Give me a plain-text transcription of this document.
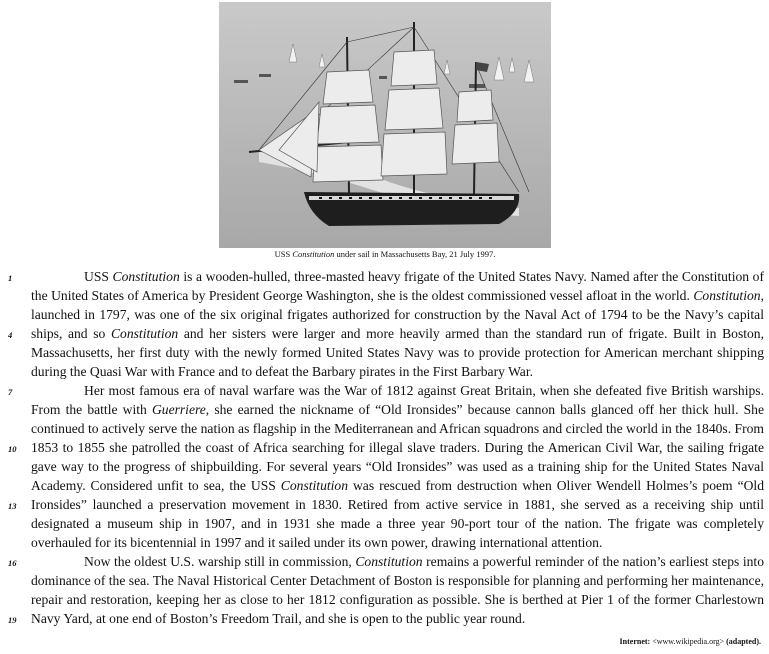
USS Constitution under sail in Massachusetts Bay, 21 July 1997.
1
4
7
10
13
16
19

USS Constitution is a wooden-hulled, three-masted heavy frigate of the United States Navy. Named after the Constitution of the United States of America by President George Washington, she is the oldest commissioned vessel afloat in the world. Constitution, launched in 1797, was one of the six original frigates authorized for construction by the Naval Act of 1794 to be the Navy’s capital ships, and so Constitution and her sisters were larger and more heavily armed than the standard run of frigate. Built in Boston, Massachusetts, her first duty with the newly formed United States Navy was to provide protection for American merchant shipping during the Quasi War with France and to defeat the Barbary pirates in the First Barbary War.

Her most famous era of naval warfare was the War of 1812 against Great Britain, when she defeated five British warships. From the battle with Guerriere, she earned the nickname of “Old Ironsides” because cannon balls glanced off her thick hull. She continued to actively serve the nation as flagship in the Mediterranean and African squadrons and circled the world in the 1840s. From 1853 to 1855 she patrolled the coast of Africa searching for illegal slave traders. During the American Civil War, the sailing frigate gave way to the progress of shipbuilding. For several years “Old Ironsides” was used as a training ship for the United States Naval Academy. Considered unfit to sea, the USS Constitution was rescued from destruction when Oliver Wendell Holmes’s poem “Old Ironsides” launched a preservation movement in 1830. Retired from active service in 1881, she served as a receiving ship until designated a museum ship in 1907, and in 1931 she made a three year 90-port tour of the nation. The frigate was completely overhauled for its bicentennial in 1997 and it sailed under its own power, drawing international attention.

Now the oldest U.S. warship still in commission, Constitution remains a powerful reminder of the nation’s earliest steps into dominance of the sea. The Naval Historical Center Detachment of Boston is responsible for planning and performing her maintenance, repair and restoration, keeping her as close to her 1812 configuration as possible. She is berthed at Pier 1 of the former Charlestown Navy Yard, at one end of Boston’s Freedom Trail, and she is open to the public year round.

Internet: <www.wikipedia.org> (adapted).
